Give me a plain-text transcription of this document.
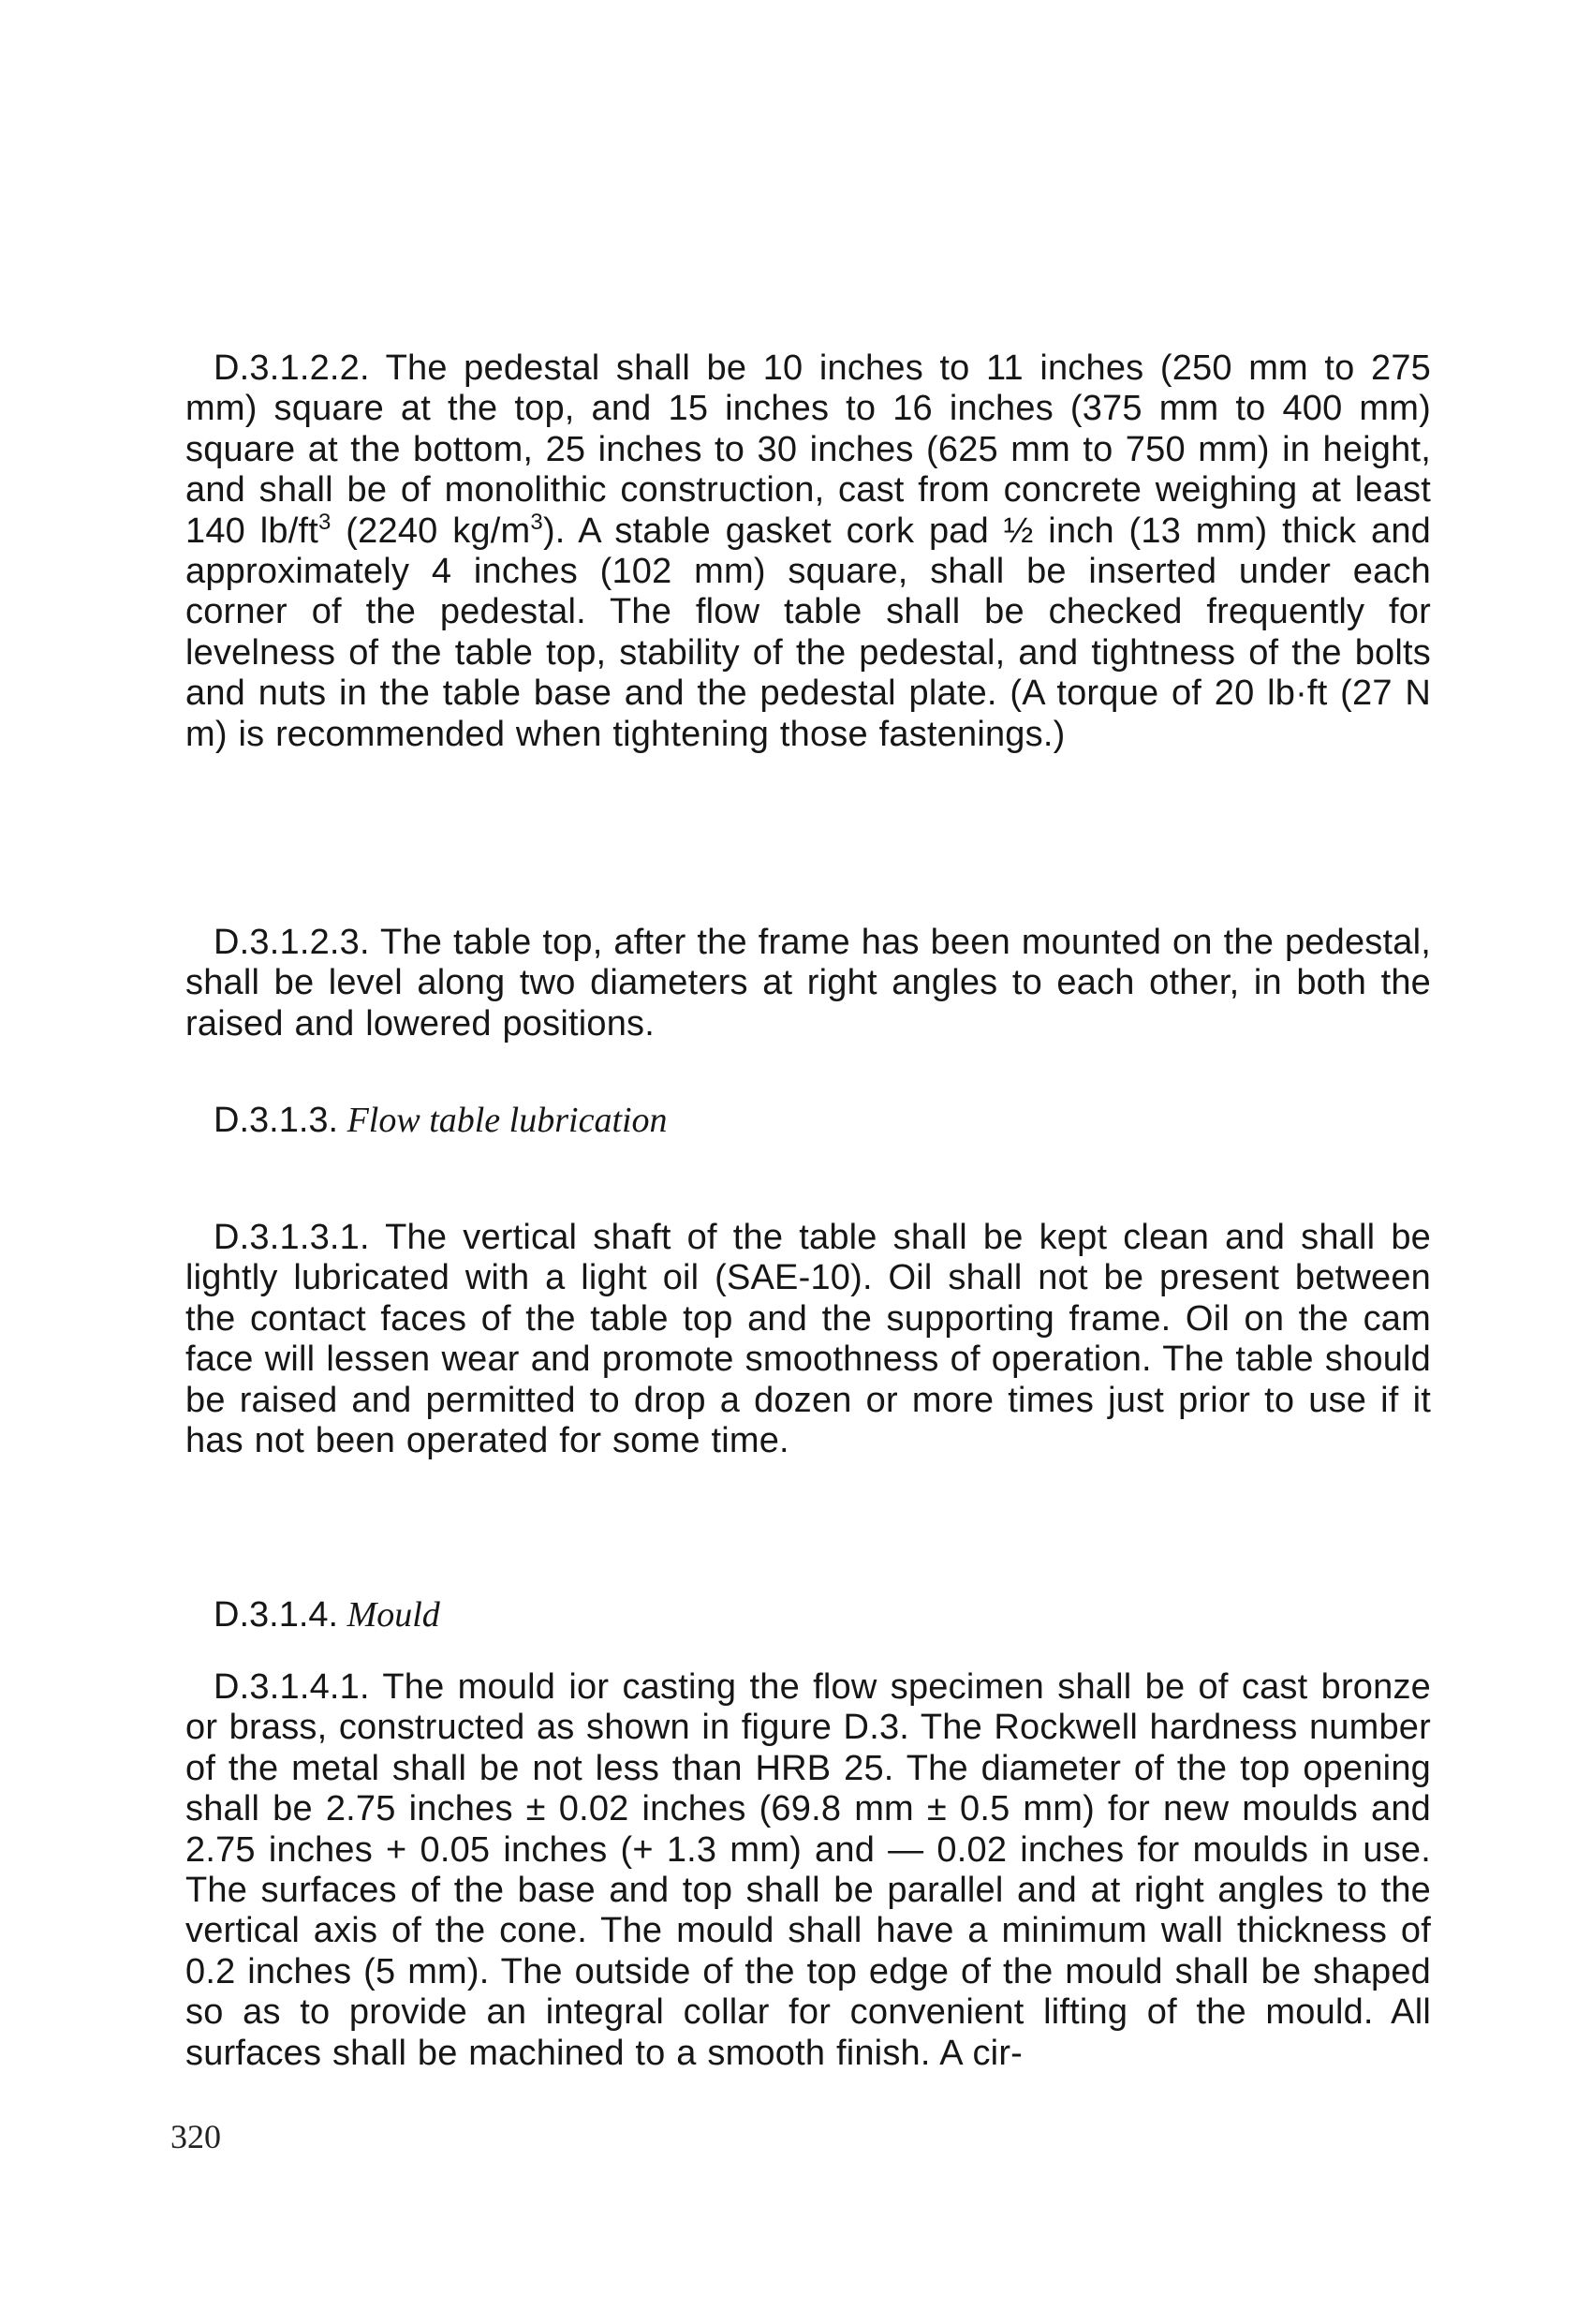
D.3.1.2.2. The pedestal shall be 10 inches to 11 inches (250 mm to 275 mm) square at the top, and 15 inches to 16 inches (375 mm to 400 mm) square at the bottom, 25 inches to 30 inches (625 mm to 750 mm) in height, and shall be of monolithic construction, cast from concrete weighing at least 140 $lb/ft^3$ (2240 $kg/m^3$). A stable gasket cork pad ½ inch (13 mm) thick and approximately 4 inches (102 mm) square, shall be inserted under each corner of the pedestal. The flow table shall be checked frequently for levelness of the table top, stability of the pedestal, and tightness of the bolts and nuts in the table base and the pedestal plate. (A torque of 20 lb·ft (27 N m) is recommended when tightening those fastenings.)

D.3.1.2.3. The table top, after the frame has been mounted on the pedestal, shall be level along two diameters at right angles to each other, in both the raised and lowered positions.

D.3.1.3. Flow table lubrication

D.3.1.3.1. The vertical shaft of the table shall be kept clean and shall be lightly lubricated with a light oil (SAE-10). Oil shall not be present between the contact faces of the table top and the supporting frame. Oil on the cam face will lessen wear and promote smoothness of operation. The table should be raised and permitted to drop a dozen or more times just prior to use if it has not been operated for some time.

D.3.1.4. Mould

D.3.1.4.1. The mould ior casting the flow specimen shall be of cast bronze or brass, constructed as shown in figure D.3. The Rockwell hardness number of the metal shall be not less than HRB 25. The diameter of the top opening shall be 2.75 inches ± 0.02 inches (69.8 mm ± 0.5 mm) for new moulds and 2.75 inches + 0.05 inches (+ 1.3 mm) and — 0.02 inches for moulds in use. The surfaces of the base and top shall be parallel and at right angles to the vertical axis of the cone. The mould shall have a minimum wall thickness of 0.2 inches (5 mm). The outside of the top edge of the mould shall be shaped so as to provide an integral collar for convenient lifting of the mould. All surfaces shall be machined to a smooth finish. A cir-

320
